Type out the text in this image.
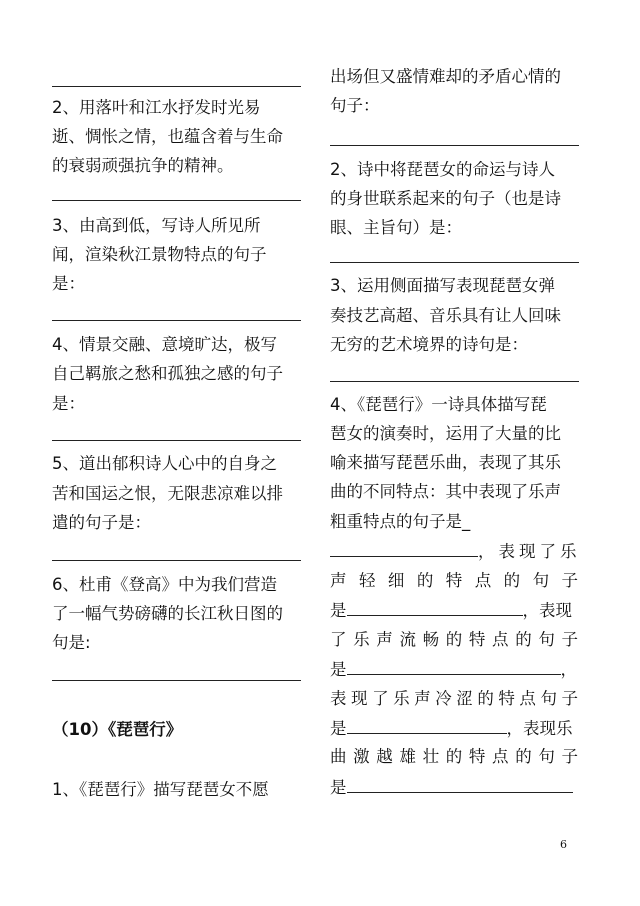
2、用落叶和江水抒发时光易
逝、惆怅之情，也蕴含着与生命
的衰弱顽强抗争的精神。
3、由高到低，写诗人所见所
闻，渲染秋江景物特点的句子
是：
4、情景交融、意境旷达，极写
自己羁旅之愁和孤独之感的句子
是：
5、道出郁积诗人心中的自身之
苦和国运之恨，无限悲凉难以排
遣的句子是：
6、杜甫《登高》中为我们营造
了一幅气势磅礴的长江秋日图的
句是:
（10）《琵琶行》
1、《琵琶行》描写琵琶女不愿
出场但又盛情难却的矛盾心情的
句子：
2、诗中将琵琶女的命运与诗人
的身世联系起来的句子（也是诗
眼、主旨句）是：
3、运用侧面描写表现琵琶女弹
奏技艺高超、音乐具有让人回味
无穷的艺术境界的诗句是：
4、《琵琶行》一诗具体描写琵
琶女的演奏时，运用了大量的比
喻来描写琵琶乐曲，表现了其乐
曲的不同特点：其中表现了乐声
粗重特点的句子是_
，表现了乐
声轻细的特点的句子
是	，表现
了乐声流畅的特点的句子
是	，
表现了乐声冷涩的特点句子
是	，表现乐
曲激越雄壮的特点的句子
是
6
